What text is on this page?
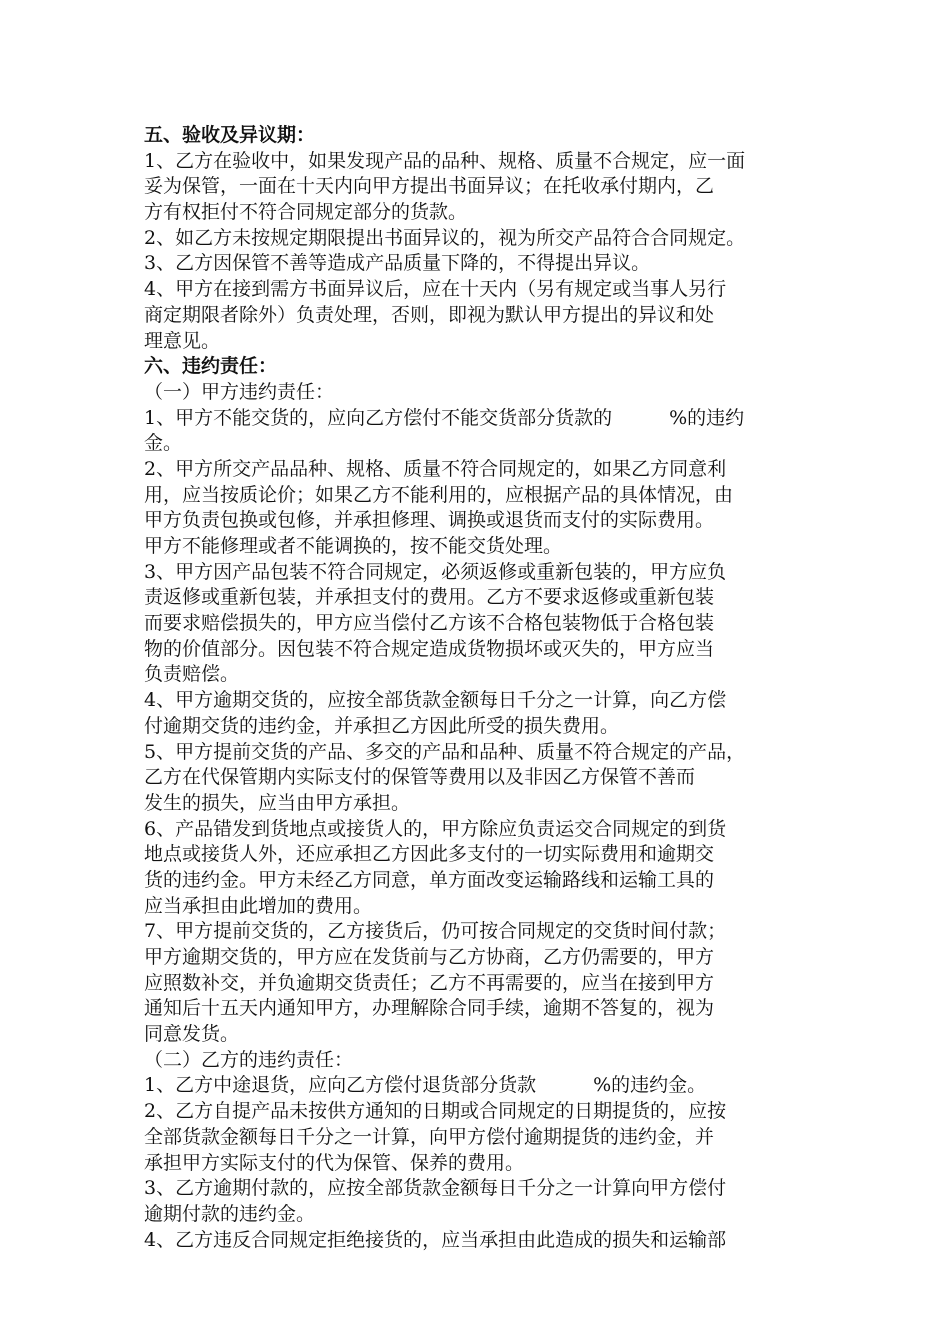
五、验收及异议期：
1、乙方在验收中，如果发现产品的品种、规格、质量不合规定，应一面
妥为保管，一面在十天内向甲方提出书面异议；在托收承付期内，乙
方有权拒付不符合同规定部分的货款。
2、如乙方未按规定期限提出书面异议的，视为所交产品符合合同规定。
3、乙方因保管不善等造成产品质量下降的，不得提出异议。
4、甲方在接到需方书面异议后，应在十天内（另有规定或当事人另行
商定期限者除外）负责处理，否则，即视为默认甲方提出的异议和处
理意见。
六、违约责任：
（一）甲方违约责任：
1、甲方不能交货的，应向乙方偿付不能交货部分货款的　　　%的违约
金。
2、甲方所交产品品种、规格、质量不符合同规定的，如果乙方同意利
用，应当按质论价；如果乙方不能利用的，应根据产品的具体情况，由
甲方负责包换或包修，并承担修理、调换或退货而支付的实际费用。
甲方不能修理或者不能调换的，按不能交货处理。
3、甲方因产品包装不符合同规定，必须返修或重新包装的，甲方应负
责返修或重新包装，并承担支付的费用。乙方不要求返修或重新包装
而要求赔偿损失的，甲方应当偿付乙方该不合格包装物低于合格包装
物的价值部分。因包装不符合规定造成货物损坏或灭失的，甲方应当
负责赔偿。
4、甲方逾期交货的，应按全部货款金额每日千分之一计算，向乙方偿
付逾期交货的违约金，并承担乙方因此所受的损失费用。
5、甲方提前交货的产品、多交的产品和品种、质量不符合规定的产品，
乙方在代保管期内实际支付的保管等费用以及非因乙方保管不善而
发生的损失，应当由甲方承担。
6、产品错发到货地点或接货人的，甲方除应负责运交合同规定的到货
地点或接货人外，还应承担乙方因此多支付的一切实际费用和逾期交
货的违约金。甲方未经乙方同意，单方面改变运输路线和运输工具的
应当承担由此增加的费用。
7、甲方提前交货的，乙方接货后，仍可按合同规定的交货时间付款；
甲方逾期交货的，甲方应在发货前与乙方协商，乙方仍需要的，甲方
应照数补交，并负逾期交货责任；乙方不再需要的，应当在接到甲方
通知后十五天内通知甲方，办理解除合同手续，逾期不答复的，视为
同意发货。
（二）乙方的违约责任：
1、乙方中途退货，应向乙方偿付退货部分货款　　　%的违约金。
2、乙方自提产品未按供方通知的日期或合同规定的日期提货的，应按
全部货款金额每日千分之一计算，向甲方偿付逾期提货的违约金，并
承担甲方实际支付的代为保管、保养的费用。
3、乙方逾期付款的，应按全部货款金额每日千分之一计算向甲方偿付
逾期付款的违约金。
4、乙方违反合同规定拒绝接货的，应当承担由此造成的损失和运输部
